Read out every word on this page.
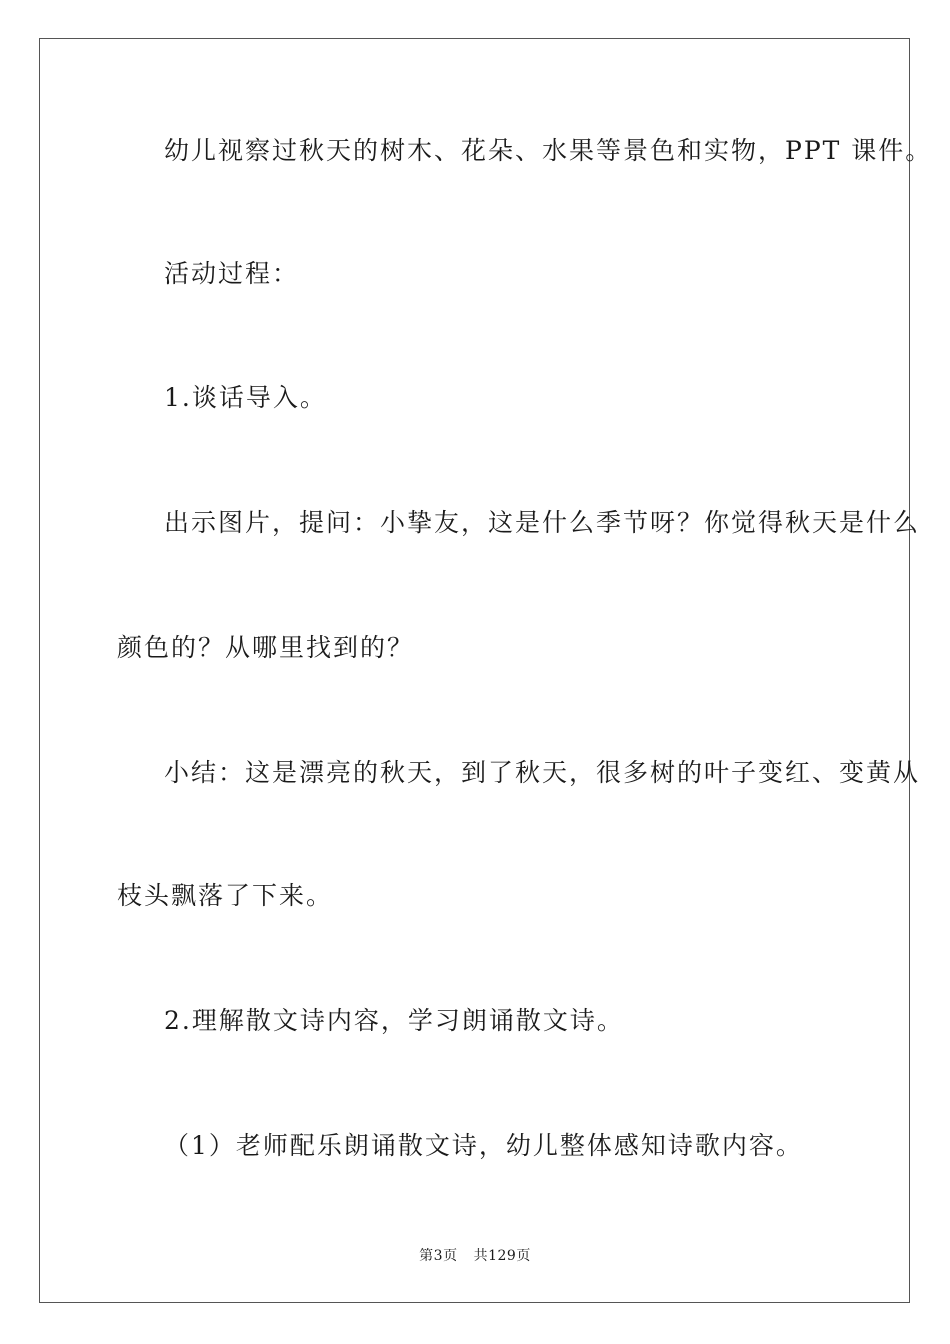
幼儿视察过秋天的树木、花朵、水果等景色和实物，PPT 课件。
活动过程：
1.谈话导入。
出示图片，提问：小挚友，这是什么季节呀？你觉得秋天是什么
颜色的？从哪里找到的？
小结：这是漂亮的秋天，到了秋天，很多树的叶子变红、变黄从
枝头飘落了下来。
2.理解散文诗内容，学习朗诵散文诗。
（1）老师配乐朗诵散文诗，幼儿整体感知诗歌内容。
第3页 共129页
